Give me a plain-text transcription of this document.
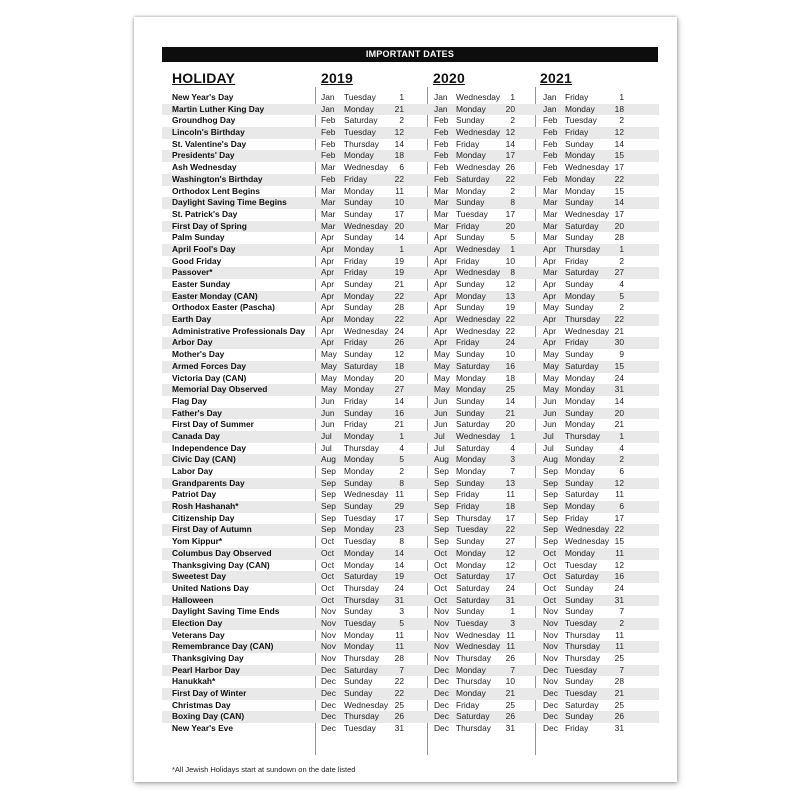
IMPORTANT DATES
HOLIDAY	2019	2020	2021
New Year's Day	Jan Tuesday	1	Jan Wednesday	1	Jan Friday	1
Martin Luther King Day	Jan Monday	21	Jan Monday	20	Jan Monday	18
Groundhog Day	Feb Saturday	2	Feb Sunday	2	Feb Tuesday	2
Lincoln's Birthday	Feb Tuesday	12	Feb Wednesday 12	Feb Friday	12
St. Valentine's Day	Feb Thursday	14	Feb Friday	14	Feb Sunday	14
Presidents' Day	Feb Monday	18	Feb Monday	17	Feb Monday	15
Ash Wednesday	Mar Wednesday	6	Feb Wednesday 26	Feb Wednesday 17
Washington's Birthday	Feb Friday	22	Feb Saturday	22	Feb Monday	22
Orthodox Lent Begins	Mar Monday	11	Mar Monday	2	Mar Monday	15
Daylight Saving Time Begins	Mar Sunday	10	Mar Sunday	8	Mar Sunday	14
St. Patrick's Day	Mar Sunday	17	Mar Tuesday	17	Mar Wednesday 17
First Day of Spring	Mar Wednesday 20	Mar Friday	20	Mar Saturday	20
Palm Sunday	Apr Sunday	14	Apr Sunday	5	Mar Sunday	28
April Fool's Day	Apr Monday	1	Apr Wednesday	1	Apr Thursday	1
Good Friday	Apr Friday	19	Apr Friday	10	Apr Friday	2
Passover*	Apr Friday	19	Apr Wednesday	8	Mar Saturday	27
Easter Sunday	Apr Sunday	21	Apr Sunday	12	Apr Sunday	4
Easter Monday (CAN)	Apr Monday	22	Apr Monday	13	Apr Monday	5
Orthodox Easter (Pascha)	Apr Sunday	28	Apr Sunday	19	May Sunday	2
Earth Day	Apr Monday	22	Apr Wednesday 22	Apr Thursday	22
Administrative Professionals Day Apr Wednesday 24	Apr Wednesday 22	Apr Wednesday 21
Arbor Day	Apr Friday	26	Apr Friday	24	Apr Friday	30
Mother's Day	May Sunday	12	May Sunday	10	May Sunday	9
Armed Forces Day	May Saturday	18	May Saturday	16	May Saturday	15
Victoria Day (CAN)	May Monday	20	May Monday	18	May Monday	24
Memorial Day Observed	May Monday	27	May Monday	25	May Monday	31
Flag Day	Jun Friday	14	Jun Sunday	14	Jun Monday	14
Father's Day	Jun Sunday	16	Jun Sunday	21	Jun Sunday	20
First Day of Summer	Jun Friday	21	Jun Saturday	20	Jun Monday	21
Canada Day	Jul Monday	1	Jul Wednesday	1	Jul Thursday	1
Independence Day	Jul Thursday	4	Jul Saturday	4	Jul Sunday	4
Civic Day (CAN)	Aug Monday	5	Aug Monday	3	Aug Monday	2
Labor Day	Sep Monday	2	Sep Monday	7	Sep Monday	6
Grandparents Day	Sep Sunday	8	Sep Sunday	13	Sep Sunday	12
Patriot Day	Sep Wednesday 11	Sep Friday	11	Sep Saturday	11
Rosh Hashanah*	Sep Sunday	29	Sep Friday	18	Sep Monday	6
Citizenship Day	Sep Tuesday	17	Sep Thursday	17	Sep Friday	17
First Day of Autumn	Sep Monday	23	Sep Tuesday	22	Sep Wednesday 22
Yom Kippur*	Oct Tuesday	8	Sep Sunday	27	Sep Wednesday 15
Columbus Day Observed	Oct Monday	14	Oct Monday	12	Oct Monday	11
Thanksgiving Day (CAN)	Oct Monday	14	Oct Monday	12	Oct Tuesday	12
Sweetest Day	Oct Saturday	19	Oct Saturday	17	Oct Saturday	16
United Nations Day	Oct Thursday	24	Oct Saturday	24	Oct Sunday	24
Halloween	Oct Thursday	31	Oct Saturday	31	Oct Sunday	31
Daylight Saving Time Ends	Nov Sunday	3	Nov Sunday	1	Nov Sunday	7
Election Day	Nov Tuesday	5	Nov Tuesday	3	Nov Tuesday	2
Veterans Day	Nov Monday	11	Nov Wednesday 11	Nov Thursday	11
Remembrance Day (CAN)	Nov Monday	11	Nov Wednesday 11	Nov Thursday	11
Thanksgiving Day	Nov Thursday	28	Nov Thursday	26	Nov Thursday	25
Pearl Harbor Day	Dec Saturday	7	Dec Monday	7	Dec Tuesday	7
Hanukkah*	Dec Sunday	22	Dec Thursday	10	Nov Sunday	28
First Day of Winter	Dec Sunday	22	Dec Monday	21	Dec Tuesday	21
Christmas Day	Dec Wednesday 25	Dec Friday	25	Dec Saturday	25
Boxing Day (CAN)	Dec Thursday	26	Dec Saturday	26	Dec Sunday	26
New Year's Eve	Dec Tuesday	31	Dec Thursday	31	Dec Friday	31
*All Jewish Holidays start at sundown on the date listed
